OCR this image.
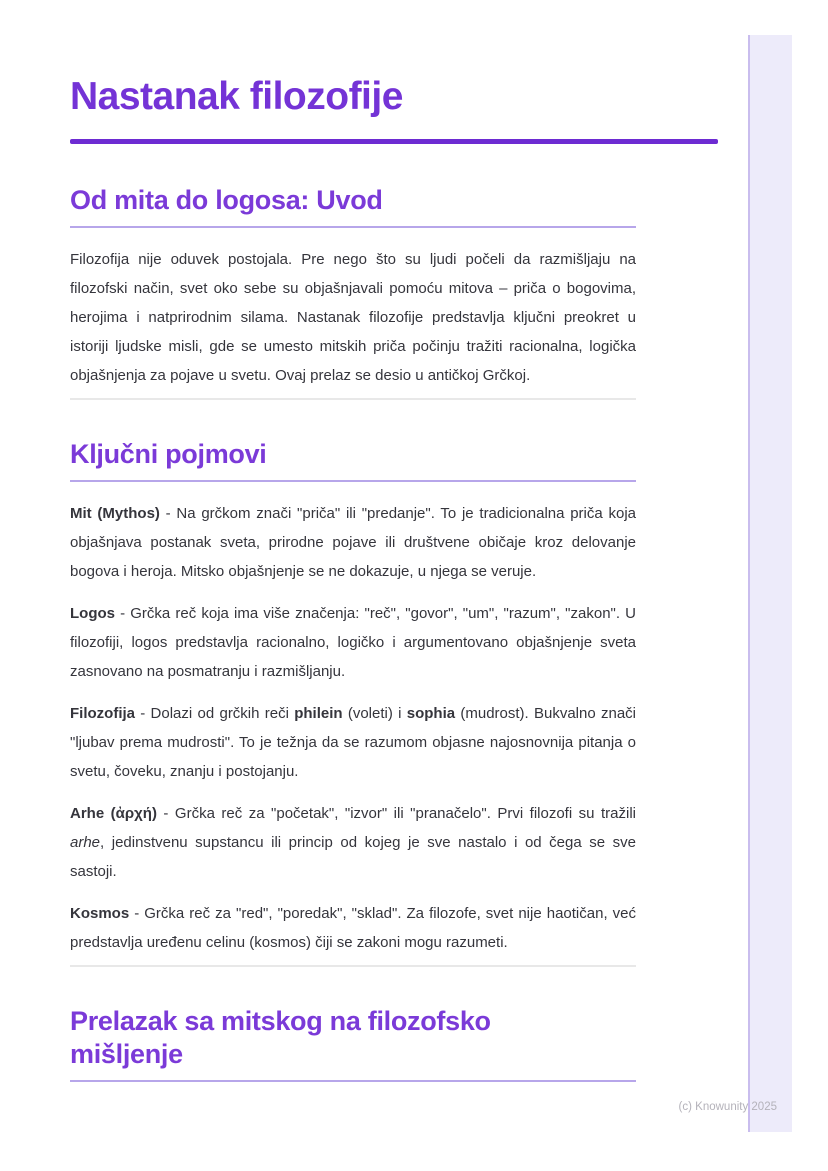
Nastanak filozofije
Od mita do logosa: Uvod

Filozofija nije oduvek postojala. Pre nego što su ljudi počeli da razmišljaju na filozofski način, svet oko sebe su objašnjavali pomoću mitova – priča o bogovima, herojima i natprirodnim silama. Nastanak filozofije predstavlja ključni preokret u istoriji ljudske misli, gde se umesto mitskih priča počinju tražiti racionalna, logička objašnjenja za pojave u svetu. Ovaj prelaz se desio u antičkoj Grčkoj.

Ključni pojmovi

Mit (Mythos) - Na grčkom znači "priča" ili "predanje". To je tradicionalna priča koja objašnjava postanak sveta, prirodne pojave ili društvene običaje kroz delovanje bogova i heroja. Mitsko objašnjenje se ne dokazuje, u njega se veruje.

Logos - Grčka reč koja ima više značenja: "reč", "govor", "um", "razum", "zakon". U filozofiji, logos predstavlja racionalno, logičko i argumentovano objašnjenje sveta zasnovano na posmatranju i razmišljanju.

Filozofija - Dolazi od grčkih reči philein (voleti) i sophia (mudrost). Bukvalno znači "ljubav prema mudrosti". To je težnja da se razumom objasne najosnovnija pitanja o svetu, čoveku, znanju i postojanju.

Arhe (ἀρχή) - Grčka reč za "početak", "izvor" ili "pranačelo". Prvi filozofi su tražili arhe, jedinstvenu supstancu ili princip od kojeg je sve nastalo i od čega se sve sastoji.

Kosmos - Grčka reč za "red", "poredak", "sklad". Za filozofe, svet nije haotičan, već predstavlja uređenu celinu (kosmos) čiji se zakoni mogu razumeti.

Prelazak sa mitskog na filozofsko mišljenje
(c) Knowunity 2025
